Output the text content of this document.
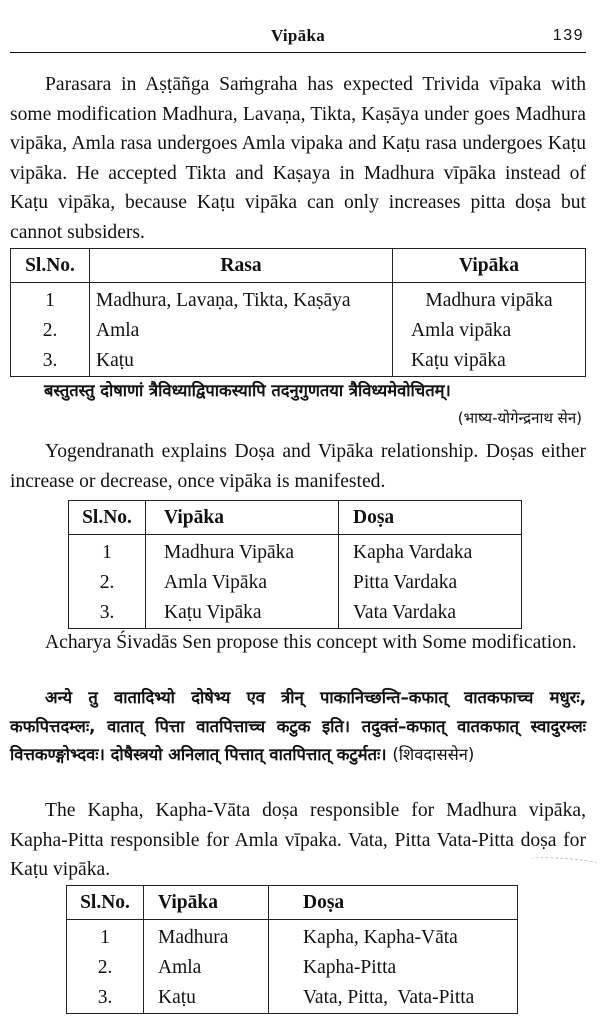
Vipāka	139

Parasara in Aṣṭāñga Saṁgraha has expected Trivida vīpaka with some modification Madhura, Lavaṇa, Tikta, Kaṣāya under goes Madhura vipāka, Amla rasa undergoes Amla vipaka and Kaṭu rasa undergoes Kaṭu vipāka. He accepted Tikta and Kaṣaya in Madhura vīpāka instead of Kaṭu vipāka, because Kaṭu vipāka can only increases pitta doṣa but cannot subsiders.

Sl.No.	Rasa	Vipāka
1	Madhura, Lavaṇa, Tikta, Kaṣāya	Madhura vipāka
2.	Amla	Amla vipāka
3.	Kaṭu	Kaṭu vipāka

बस्तुतस्तु दोषाणां त्रैविध्याद्विपाकस्यापि तदनुगुणतया त्रैविध्यमेवोचितम्।

(भाष्य-योगेन्द्रनाथ सेन)

Yogendranath explains Doṣa and Vipāka relationship. Doṣas either increase or decrease, once vipāka is manifested.

Sl.No.	Vipāka	Doṣa
1	Madhura Vipāka	Kapha Vardaka
2.	Amla Vipāka	Pitta Vardaka
3.	Kaṭu Vipāka	Vata Vardaka

Acharya Śivadās Sen propose this concept with Some modification.

अन्ये तु वातादिभ्यो दोषेभ्य एव त्रीन् पाकानिच्छन्ति–कफात् वातकफाच्च मधुरः, कफपित्तदम्लः, वातात् पित्ता वातपित्ताच्च कटुक इति। तदुक्तं–कफात् वातकफात् स्वादुरम्लः वित्तकण्ङ्गोभ्दवः। दोषैस्त्रयो अनिलात् पित्तात् वातपित्तात् कटुर्मतः। (शिवदाससेन)

The Kapha, Kapha-Vāta doṣa responsible for Madhura vipāka, Kapha-Pitta responsible for Amla vīpaka. Vata, Pitta Vata-Pitta doṣa for Kaṭu vipāka.

Sl.No.	Vipāka	Doṣa
1	Madhura	Kapha, Kapha-Vāta
2.	Amla	Kapha-Pitta
3.	Kaṭu	Vata, Pitta,  Vata-Pitta
